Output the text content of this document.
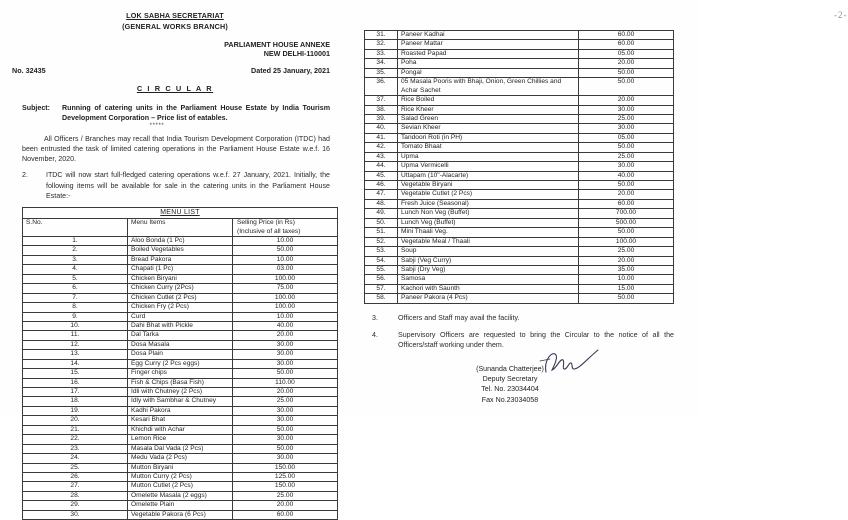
LOK SABHA SECRETARIAT
(GENERAL WORKS BRANCH)
PARLIAMENT HOUSE ANNEXE
NEW DELHI-110001
No. 32435	Dated 25 January, 2021
C I R C U L A R
Subject:	Running of catering units in the Parliament House Estate by India Tourism Development Corporation – Price list of eatables.
*****
All Officers / Branches may recall that India Tourism Development Corporation (ITDC) had been entrusted the task of limited catering operations in the Parliament House Estate w.e.f. 16 November, 2020.
2.	ITDC will now start full-fledged catering operations w.e.f. 27 January, 2021. Initially, the following items will be available for sale in the catering units in the Parliament House Estate:-
MENU LIST		
S.No.	Menu Items	Selling Price (in Rs)
(Inclusive of all taxes)

1.	Aloo Bonda (1 Pc)	10.00
2.	Boiled Vegetables	50.00
3.	Bread Pakora	10.00
4.	Chapati (1 Pc)	03.00
5.	Chicken Biryani	100.00
6.	Chicken Curry (2Pcs)	75.00
7.	Chicken Cutlet (2 Pcs)	100.00
8.	Chicken Fry (2 Pcs)	100.00
9.	Curd	10.00
10.	Dahi Bhat with Pickle	40.00
11.	Dal Tarka	20.00
12.	Dosa Masala	30.00
13.	Dosa Plain	30.00
14.	Egg Curry (2 Pcs eggs)	30.00
15.	Finger chips	50.00
16.	Fish & Chips (Basa Fish)	110.00
17.	Idli with Chutney (2 Pcs)	20.00
18.	Idly with Sambhar & Chutney	25.00
19.	Kadhi Pakora	30.00
20.	Kesari Bhat	30.00
21.	Khichdi with Achar	50.00
22.	Lemon Rice	30.00
23.	Masala Dal Vada (2 Pcs)	50.00
24.	Medu Vada (2 Pcs)	30.00
25.	Mutton Biryani	150.00
26.	Mutton Curry (2 Pcs)	125.00
27.	Mutton Cutlet (2 Pcs)	150.00
28.	Omelette Masala (2 eggs)	25.00
29.	Omelette Plain	20.00
30.	Vegetable Pakora (6 Pcs)	60.00
-2-
31.	Paneer Kadhai	60.00
32.	Paneer Mattar	60.00
33.	Roasted Papad	05.00
34.	Poha	20.00
35.	Pongal	50.00
36.	05 Masala Pooris with Bhaji, Onion, Green Chillies and Achar Sachet	50.00
37.	Rice Boiled	20.00
38.	Rice Kheer	30.00
39.	Salad Green	25.00
40.	Sevian Kheer	30.00
41.	Tandoori Roti (in PH)	05.00
42.	Tomato Bhaat	50.00
43.	Upma	25.00
44.	Upma Vermicelli	30.00
45.	Uttapam (10"-Alacarte)	40.00
46.	Vegetable Biryani	50.00
47.	Vegetable Cutlet (2 Pcs)	20.00
48.	Fresh Juice (Seasonal)	60.00
49.	Lunch Non Veg (Buffet)	700.00
50.	Lunch Veg (Buffet)	500.00
51.	Mini Thaali Veg.	50.00
52.	Vegetable Meal / Thaali	100.00
53.	Soup	25.00
54.	Sabji (Veg Curry)	20.00
55.	Sabji (Dry Veg)	35.00
56.	Samosa	10.00
57.	Kachori with Saunth	15.00
58.	Paneer Pakora (4 Pcs)	50.00
3.	Officers and Staff may avail the facility.
4.	Supervisory Officers are requested to bring the Circular to the notice of all the Officers/staff working under them.
(Sunanda Chatterjee)
Deputy Secretary
Tel. No. 23034404
Fax No.23034058
